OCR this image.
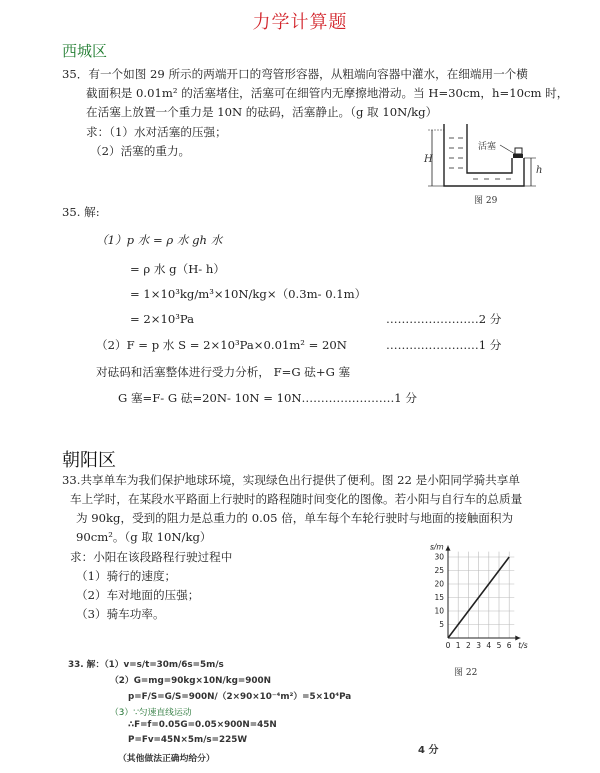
力学计算题
西城区
35．有一个如图 29 所示的两端开口的弯管形容器，从粗端向容器中灌水，在细端用一个横
截面积是 0.01m² 的活塞堵住，活塞可在细管内无摩擦地滑动。当 H=30cm，h=10cm 时，
在活塞上放置一个重力是 10N 的砝码，活塞静止。（g 取 10N/kg）
求：（1）水对活塞的压强；
（2）活塞的重力。	活塞
H
h
图 29
35. 解:
（1）p 水 = ρ 水 gh 水
= ρ 水 g（H‑ h）
= 1×10³kg/m³×10N/kg×（0.3m‑ 0.1m）
= 2×10³Pa	……………………2 分
（2）F = p 水 S = 2×10³Pa×0.01m² = 20N	……………………1 分
对砝码和活塞整体进行受力分析， F=G 砝+G 塞
G 塞=F‑ G 砝=20N‑ 10N = 10N……………………1 分
朝阳区
33.共享单车为我们保护地球环境，实现绿色出行提供了便利。图 22 是小阳同学骑共享单
车上学时，在某段水平路面上行驶时的路程随时间变化的图像。若小阳与自行车的总质量
为 90kg，受到的阻力是总重力的 0.05 倍，单车每个车轮行驶时与地面的接触面积为
90cm²。（g 取 10N/kg）
求：小阳在该段路程行驶过程中
（1）骑行的速度；
（2）车对地面的压强；
（3）骑车功率。
0 1 2 3 4 5 6
5
10
15
20
25
30
s/m
t/s
图 22
33. 解：（1）v=s/t=30m/6s=5m/s
（2）G=mg=90kg×10N/kg=900N
p=F/S=G/S=900N/（2×90×10⁻⁴m²）=5×10⁴Pa
（3）∵匀速直线运动
∴F=f=0.05G=0.05×900N=45N
P=Fv=45N×5m/s=225W
（其他做法正确均给分）
4 分
